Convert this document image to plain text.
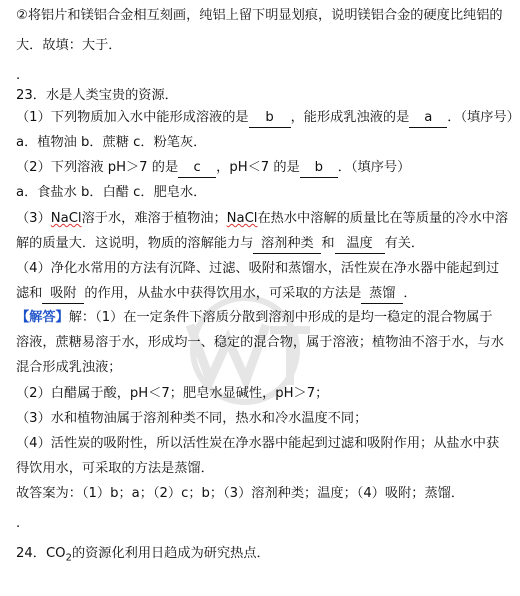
②将铝片和镁铝合金相互刻画，纯铝上留下明显划痕，说明镁铝合金的硬度比纯铝的
大．故填：大于．
.
23．水是人类宝贵的资源．
（1）下列物质加入水中能形成溶液的是 b ，能形成乳浊液的是 a ．（填序号）
a．植物油 b．蔗糖 c．粉笔灰．
（2）下列溶液 pH＞7 的是 c ，pH＜7 的是 b ．（填序号）
a．食盐水 b．白醋 c．肥皂水．
（3）NaCl溶于水，难溶于植物油；NaCl在热水中溶解的质量比在等质量的冷水中溶
解的质量大．这说明，物质的溶解能力与 溶剂种类 和 温度 有关．
（4）净化水常用的方法有沉降、过滤、吸附和蒸馏水，活性炭在净水器中能起到过
滤和 吸附 的作用，从盐水中获得饮用水，可采取的方法是 蒸馏 ．
【解答】解：（1）在一定条件下溶质分散到溶剂中形成的是均一稳定的混合物属于
溶液，蔗糖易溶于水，形成均一、稳定的混合物，属于溶液；植物油不溶于水，与水
混合形成乳浊液；
（2）白醋属于酸，pH＜7；肥皂水显碱性，pH＞7；
（3）水和植物油属于溶剂种类不同，热水和冷水温度不同；
（4）活性炭的吸附性，所以活性炭在净水器中能起到过滤和吸附作用；从盐水中获
得饮用水，可采取的方法是蒸馏．
故答案为：（1）b；a；（2）c；b；（3）溶剂种类；温度；（4）吸附；蒸馏．
.
24．$CO_2$的资源化利用日趋成为研究热点．
